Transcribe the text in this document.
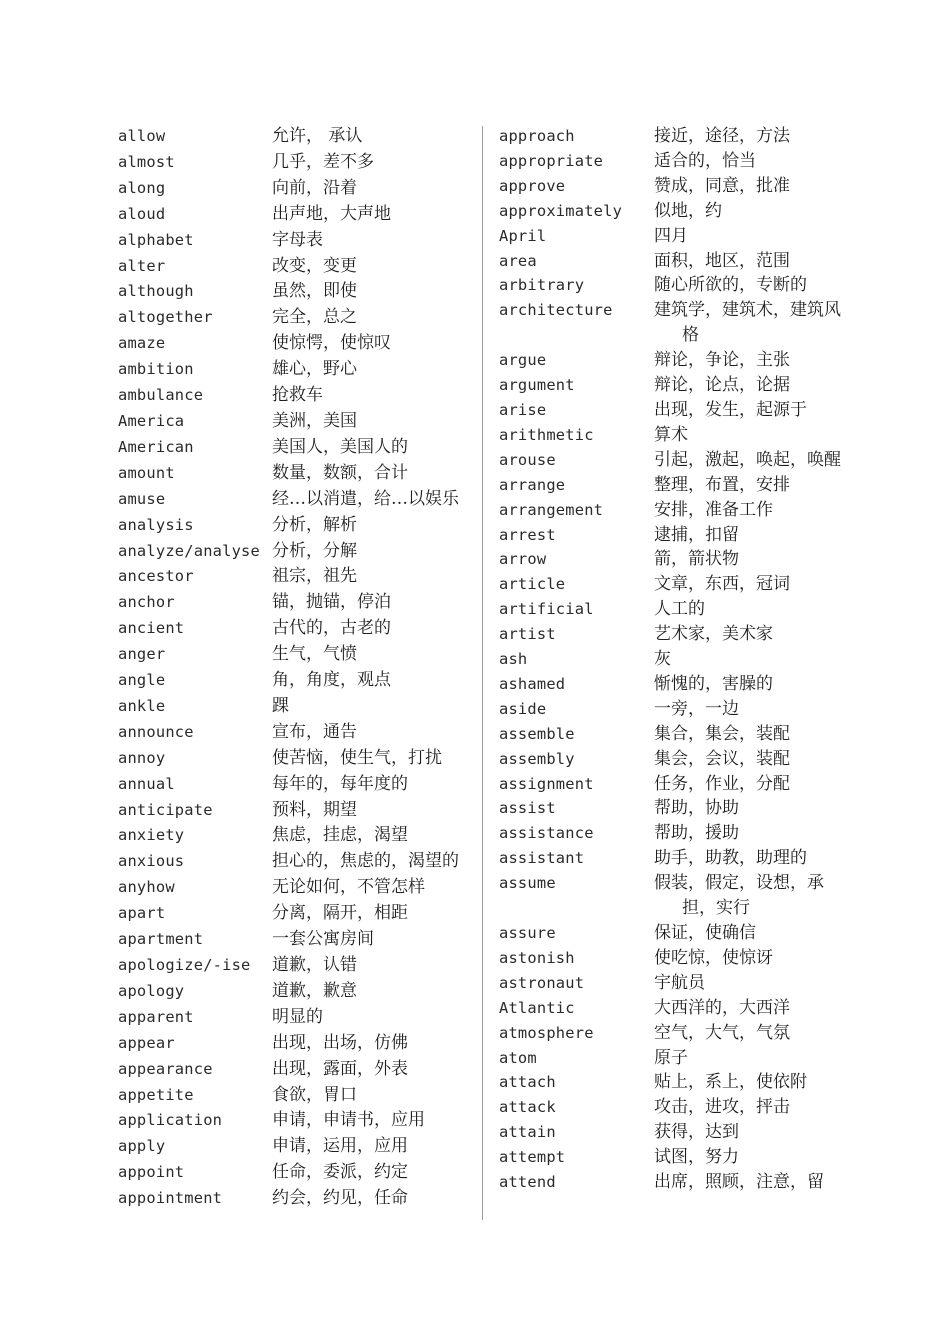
allow	允许， 承认
almost	几乎，差不多
along	向前，沿着
aloud	出声地，大声地
alphabet	字母表
alter	改变，变更
although	虽然，即使
altogether	完全，总之
amaze	使惊愕，使惊叹
ambition	雄心，野心
ambulance	抢救车
America	美洲，美国
American	美国人，美国人的
amount	数量，数额，合计
amuse	经…以消遣，给…以娱乐
analysis	分析，解析
analyze/analyse 分析，分解
ancestor	祖宗，祖先
anchor	锚，抛锚，停泊
ancient	古代的，古老的
anger	生气，气愤
angle	角，角度，观点
ankle	踝
announce	宣布，通告
annoy	使苦恼，使生气，打扰
annual	每年的，每年度的
anticipate	预料，期望
anxiety	焦虑，挂虑，渴望
anxious	担心的，焦虑的，渴望的
anyhow	无论如何，不管怎样
apart	分离，隔开，相距
apartment	一套公寓房间
apologize/-ise 道歉，认错
apology	道歉，歉意
apparent	明显的
appear	出现，出场，仿佛
appearance	出现，露面，外表
appetite	食欲，胃口
application	申请，申请书，应用
apply	申请，运用，应用
appoint	任命，委派，约定
appointment	约会，约见，任命
approach	接近，途径，方法
appropriate	适合的，恰当
approve	赞成，同意，批准
approximately	似地，约
April	四月
area	面积，地区，范围
arbitrary	随心所欲的，专断的
architecture	建筑学，建筑术，建筑风格
argue	辩论，争论，主张
argument	辩论，论点，论据
arise	出现，发生，起源于
arithmetic	算术
arouse	引起，激起，唤起，唤醒
arrange	整理，布置，安排
arrangement	安排，准备工作
arrest	逮捕，扣留
arrow	箭，箭状物
article	文章，东西，冠词
artificial	人工的
artist	艺术家，美术家
ash	灰
ashamed	惭愧的，害臊的
aside	一旁，一边
assemble	集合，集会，装配
assembly	集会，会议，装配
assignment	任务，作业，分配
assist	帮助，协助
assistance	帮助，援助
assistant	助手，助教，助理的
assume	假装，假定，设想，承担，实行
assure	保证，使确信
astonish	使吃惊，使惊讶
astronaut	宇航员
Atlantic	大西洋的，大西洋
atmosphere	空气，大气，气氛
atom	原子
attach	贴上，系上，使依附
attack	攻击，进攻，抨击
attain	获得，达到
attempt	试图，努力
attend	出席，照顾，注意，留
